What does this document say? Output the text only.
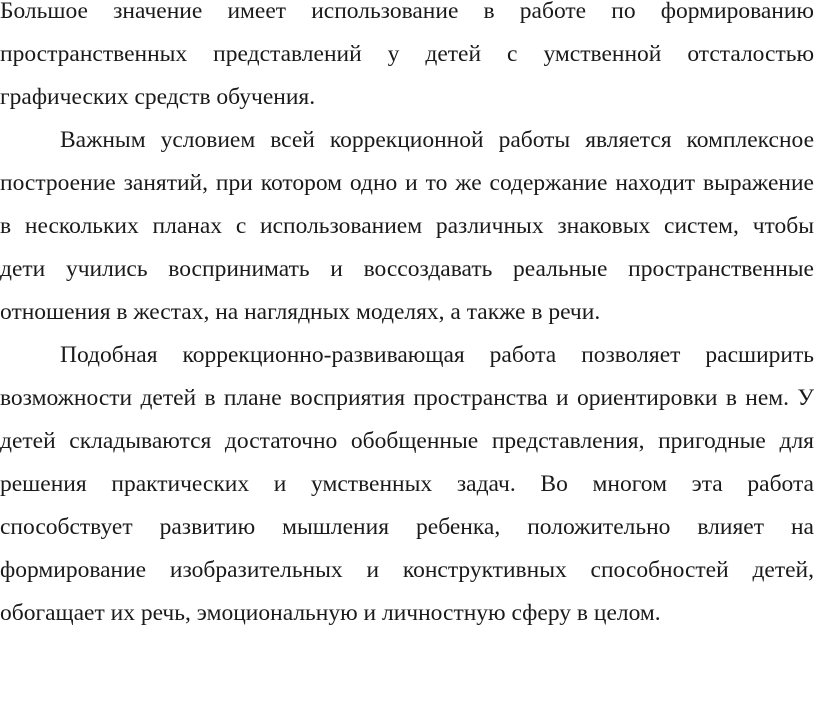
Большое значение имеет использование в работе по формированию
пространственных представлений у детей с умственной отсталостью
графических средств обучения.
Важным условием всей коррекционной работы является комплексное
построение занятий, при котором одно и то же содержание находит выражение
в нескольких планах с использованием различных знаковых систем, чтобы
дети учились воспринимать и воссоздавать реальные пространственные
отношения в жестах, на наглядных моделях, а также в речи.
Подобная коррекционно-развивающая работа позволяет расширить
возможности детей в плане восприятия пространства и ориентировки в нем. У
детей складываются достаточно обобщенные представления, пригодные для
решения практических и умственных задач. Во многом эта работа
способствует развитию мышления ребенка, положительно влияет на
формирование изобразительных и конструктивных способностей детей,
обогащает их речь, эмоциональную и личностную сферу в целом.
